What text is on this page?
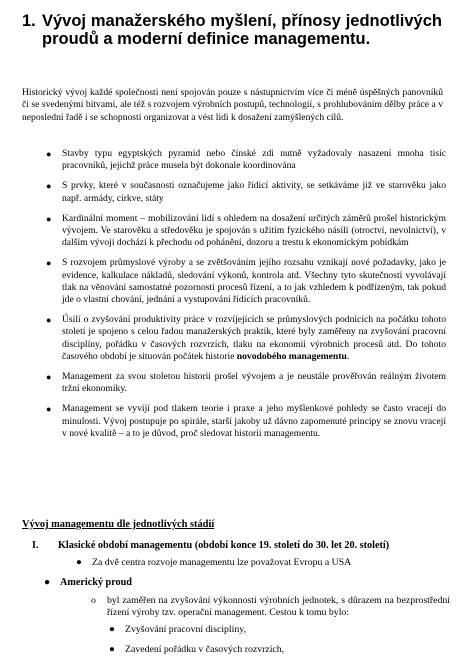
1. Vývoj manažerského myšlení, přínosy jednotlivých proudů a moderní definice managementu.

Historický vývoj každé společnosti není spojován pouze s nástupnictvím více či méně úspěšných panovníků či se svedenými bitvami, ale též s rozvojem výrobních postupů, technologií, s prohlubováním dělby práce a v neposlední řadě i se schopností organizovat a vést lidi k dosažení zamýšlených cílů.

● Stavby typu egyptských pyramid nebo čínské zdi nutně vyžadovaly nasazení mnoha tisíc pracovníků, jejichž práce musela být dokonale koordinována
● S prvky, které v současnosti označujeme jako řídicí aktivity, se setkáváme již ve starověku jako např. armády, církve, státy
● Kardinální moment – mobilizování lidí s ohledem na dosažení určitých záměrů prošel historickým vývojem. Ve starověku a středověku je spojován s užitím fyzického násilí (otroctví, nevolnictví), v dalším vývoji dochází k přechodu od pohánění, dozoru a trestu k ekonomickým pobídkám
● S rozvojem průmyslové výroby a se zvětšováním jejího rozsahu vznikají nové požadavky, jako je evidence, kalkulace nákladů, sledování výkonů, kontrola atd. Všechny tyto skutečnosti vyvolávají tlak na věnování samostatné pozornosti procesů řízení, a to jak vzhledem k podřízeným, tak pokud jde o vlastní chování, jednání a vystupování řídících pracovníků.
● Úsilí o zvyšování produktivity práce v rozvíjejících se průmyslových podnicích na počátku tohoto století je spojeno s celou řadou manažerských praktik, které byly zaměřeny na zvyšování pracovní disciplíny, pořádku v časových rozvrzích, tlaku na ekonomii výrobních procesů atd. Do tohoto časového období je situován počátek historie novodobého managementu.
● Management za svou stoletou historii prošel vývojem a je neustále prověřován reálným životem tržní ekonomiky.
● Management se vyvíjí pod tlakem teorie i praxe a jeho myšlenkové pohledy se často vracejí do minulosti. Vývoj postupuje po spirále, starší jakoby už dávno zapomenuté principy se znovu vracejí v nové kvalitě – a to je důvod, proč sledovat historii managementu.

Vývoj managementu dle jednotlivých stádií

I. Klasické období managementu (období konce 19. století do 30. let 20. století)
● Za dvě centra rozvoje managementu lze považovat Evropu a USA
● Americký proud
o byl zaměřen na zvyšování výkonnosti výrobních jednotek, s důrazem na bezprostřední řízení výroby tzv. operační management. Cestou k tomu bylo:
● Zvyšování pracovní disciplíny,
● Zavedení pořádku v časových rozvrzích,
